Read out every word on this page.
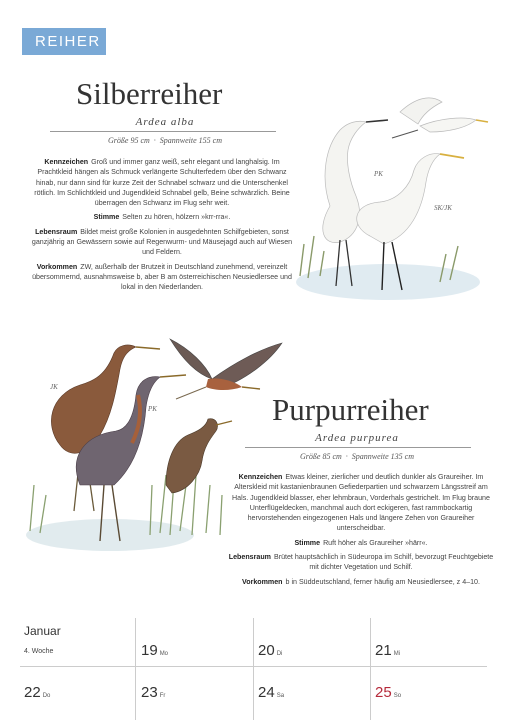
REIHER
Silberreiher
Ardea alba
Größe 95 cm · Spannweite 155 cm

Kennzeichen Groß und immer ganz weiß, sehr elegant und langhalsig. Im Prachtkleid hängen als Schmuck verlängerte Schulterfedern über den Schwanz hinab, nur dann sind für kurze Zeit der Schnabel schwarz und die Unterschenkel rötlich. Im Schlichtkleid und Jugendkleid Schnabel gelb, Beine schwärzlich. Beine überragen den Schwanz im Flug sehr weit.

Stimme Selten zu hören, hölzern »krr-rra«.

Lebensraum Bildet meist große Kolonien in ausgedehnten Schilfgebieten, sonst ganzjährig an Gewässern sowie auf Regenwurm- und Mäusejagd auch auf Wiesen und Feldern.

Vorkommen ZW, außerhalb der Brutzeit in Deutschland zunehmend, vereinzelt übersommernd, ausnahmsweise b, aber B am österreichischen Neusiedlersee und lokal in den Niederlanden.

PK
SK/JK
JK
PK	Purpurreiher
Ardea purpurea
Größe 85 cm · Spannweite 135 cm

Kennzeichen Etwas kleiner, zierlicher und deutlich dunkler als Graureiher. Im Alterskleid mit kastanienbraunen Gefiederpartien und schwarzem Längsstreif am Hals. Jugendkleid blasser, eher lehmbraun, Vorderhals gestrichelt. Im Flug braune Unterflügeldecken, manchmal auch dort eckigeren, fast rammbockartig hervorstehenden eingezogenen Hals und längere Zehen von Graureiher unterscheidbar.

Stimme Ruft höher als Graureiher »hārr«.

Lebensraum Brütet hauptsächlich in Südeuropa im Schilf, bevorzugt Feuchtgebiete mit dichter Vegetation und Schilf.

Vorkommen b in Süddeutschland, ferner häufig am Neusiedlersee, z 4–10.

Januar
4. Woche	19 Mo	20 Di	21 Mi
22 Do	23 Fr	24 Sa	25 So
